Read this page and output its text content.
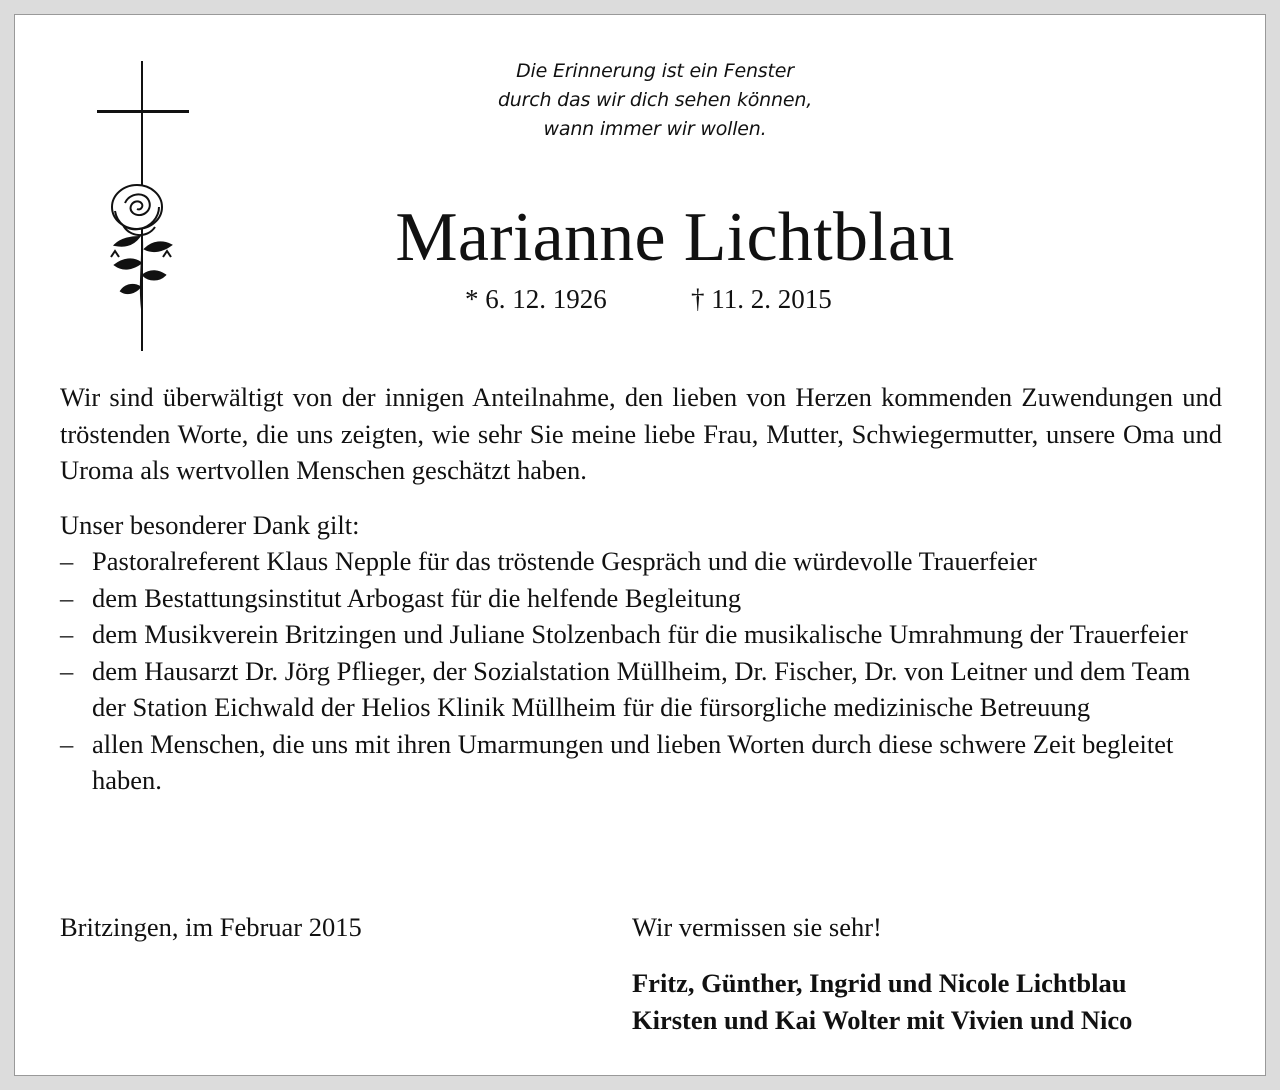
Die Erinnerung ist ein Fenster
durch das wir dich sehen können,
wann immer wir wollen.
Marianne Lichtblau
* 6. 12. 1926	† 11. 2. 2015

Wir sind überwältigt von der innigen Anteilnahme, den lieben von Herzen kommenden Zuwendungen und tröstenden Worte, die uns zeigten, wie sehr Sie meine liebe Frau, Mutter, Schwiegermutter, unsere Oma und Uroma als wertvollen Menschen geschätzt haben.

Unser besonderer Dank gilt:

– Pastoralreferent Klaus Nepple für das tröstende Gespräch und die würdevolle Trauerfeier
– dem Bestattungsinstitut Arbogast für die helfende Begleitung
– dem Musikverein Britzingen und Juliane Stolzenbach für die musikalische Umrahmung der Trauerfeier
– dem Hausarzt Dr. Jörg Pflieger, der Sozialstation Müllheim, Dr. Fischer, Dr. von Leitner und dem Team der Station Eichwald der Helios Klinik Müllheim für die fürsorgliche medizinische Betreuung
– allen Menschen, die uns mit ihren Umarmungen und lieben Worten durch diese schwere Zeit begleitet haben.
Britzingen, im Februar 2015	Wir vermissen sie sehr!
Fritz, Günther, Ingrid und Nicole Lichtblau
Kirsten und Kai Wolter mit Vivien und Nico
